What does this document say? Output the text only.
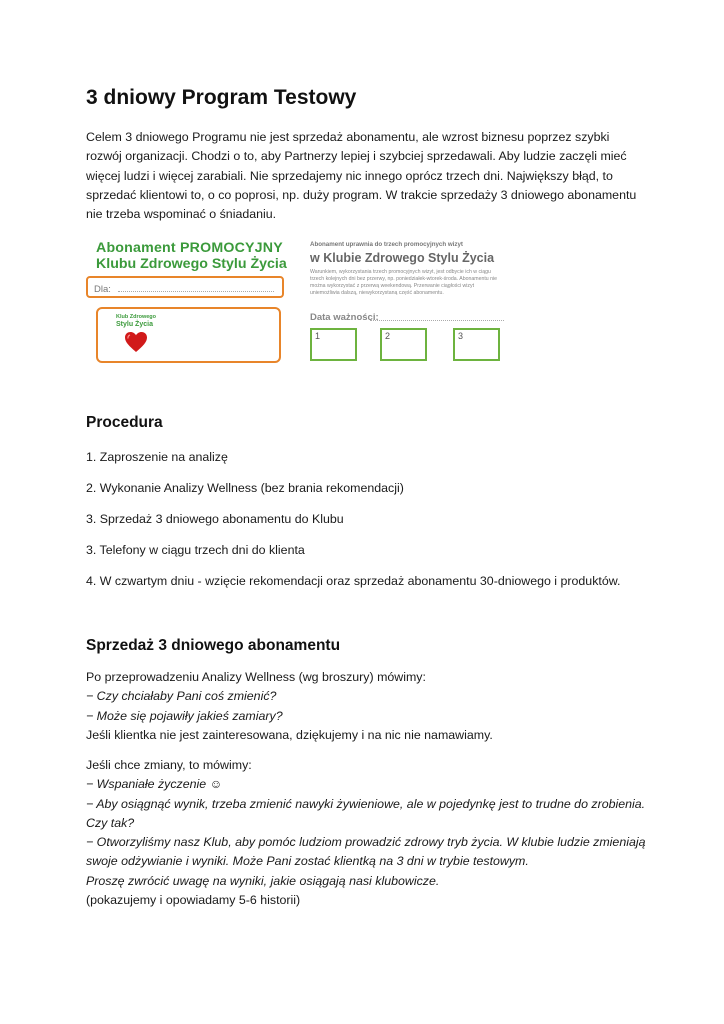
3 dniowy Program Testowy

Celem 3 dniowego Programu nie jest sprzedaż abonamentu, ale wzrost biznesu poprzez szybki rozwój organizacji. Chodzi o to, aby Partnerzy lepiej i szybciej sprzedawali. Aby ludzie zaczęli mieć więcej ludzi i więcej zarabiali. Nie sprzedajemy nic innego oprócz trzech dni. Największy błąd, to sprzedać klientowi to, o co poprosi, np. duży program. W trakcie sprzedaży 3 dniowego abonamentu nie trzeba wspominać o śniadaniu.

Abonament PROMOCYJNY
Klubu Zdrowego Stylu Życia
Dla:
Klub Zdrowego
Stylu Życia
Abonament uprawnia do trzech promocyjnych wizyt
w Klubie Zdrowego Stylu Życia
Warunkiem, wykorzystania trzech promocyjnych wizyt, jest odbycie ich w ciągu trzech kolejnych dni bez przerwy, np. poniedziałek-wtorek-środa. Abonamentu nie można wykorzystać z przerwą weekendową. Przerwanie ciągłości wizyt uniemożliwia dalszą, niewykorzystaną część abonamentu.
Data ważności:
1	2	3
Procedura

1. Zaproszenie na analizę

2. Wykonanie Analizy Wellness (bez brania rekomendacji)

3. Sprzedaż 3 dniowego abonamentu do Klubu

3. Telefony w ciągu trzech dni do klienta

4. W czwartym dniu - wzięcie rekomendacji oraz sprzedaż abonamentu 30-dniowego i produktów.

Sprzedaż 3 dniowego abonamentu
Po przeprowadzeniu Analizy Wellness (wg broszury) mówimy:
− Czy chciałaby Pani coś zmienić?
− Może się pojawiły jakieś zamiary?
Jeśli klientka nie jest zainteresowana, dziękujemy i na nic nie namawiamy.
Jeśli chce zmiany, to mówimy:
− Wspaniałe życzenie ☺
− Aby osiągnąć wynik, trzeba zmienić nawyki żywieniowe, ale w pojedynkę jest to trudne do zrobienia. Czy tak?
− Otworzyliśmy nasz Klub, aby pomóc ludziom prowadzić zdrowy tryb życia. W klubie ludzie zmieniają swoje odżywianie i wyniki. Może Pani zostać klientką na 3 dni w trybie testowym.
Proszę zwrócić uwagę na wyniki, jakie osiągają nasi klubowicze.
(pokazujemy i opowiadamy 5-6 historii)
